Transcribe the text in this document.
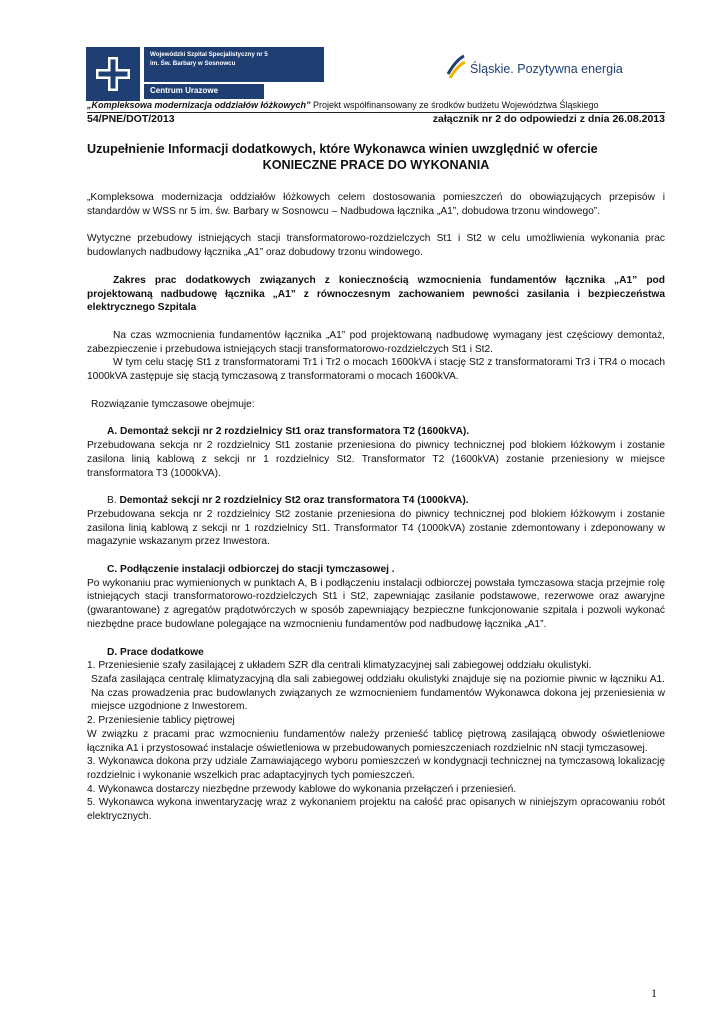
Wojewódzki Szpital Specjalistyczny nr 5
im. Św. Barbary w Sosnowcu
Centrum Urazowe
Śląskie. Pozytywna energia
„Kompleksowa modernizacja oddziałów łóżkowych” Projekt współfinansowany ze środków budżetu Województwa Śląskiego
54/PNE/DOT/2013	załącznik nr 2 do odpowiedzi z dnia 26.08.2013

Uzupełnienie Informacji dodatkowych, które Wykonawca winien uwzględnić w ofercie

KONIECZNE PRACE DO WYKONANIA

„Kompleksowa modernizacja oddziałów łóżkowych celem dostosowania pomieszczeń do obowiązujących przepisów i standardów w WSS nr 5 im. św. Barbary w Sosnowcu – Nadbudowa łącznika „A1”, dobudowa trzonu windowego”.

Wytyczne przebudowy istniejących stacji transformatorowo-rozdzielczych St1 i St2 w celu umożliwienia wykonania prac budowlanych nadbudowy łącznika „A1” oraz dobudowy trzonu windowego.

Zakres prac dodatkowych związanych z koniecznością wzmocnienia fundamentów łącznika „A1” pod projektowaną nadbudowę łącznika „A1” z równoczesnym zachowaniem pewności zasilania i bezpieczeństwa elektrycznego Szpitala

Na czas wzmocnienia fundamentów łącznika „A1” pod projektowaną nadbudowę wymagany jest częściowy demontaż, zabezpieczenie i przebudowa istniejących stacji transformatorowo-rozdzielczych St1 i St2.

W tym celu stację St1 z transformatorami Tr1 i Tr2 o mocach 1600kVA i stację St2 z transformatorami Tr3 i TR4 o mocach 1000kVA zastępuje się stacją tymczasową z transformatorami o mocach 1600kVA.

Rozwiązanie tymczasowe obejmuje:

A. Demontaż sekcji nr 2 rozdzielnicy St1 oraz transformatora T2 (1600kVA).

Przebudowana sekcja nr 2 rozdzielnicy St1 zostanie przeniesiona do piwnicy technicznej pod blokiem łóżkowym i zostanie zasilona linią kablową z sekcji nr 1 rozdzielnicy St2. Transformator T2 (1600kVA) zostanie przeniesiony w miejsce transformatora T3 (1000kVA).

B. Demontaż sekcji nr 2 rozdzielnicy St2 oraz transformatora T4 (1000kVA).

Przebudowana sekcja nr 2 rozdzielnicy St2 zostanie przeniesiona do piwnicy technicznej pod blokiem łóżkowym i zostanie zasilona linią kablową z sekcji nr 1 rozdzielnicy St1. Transformator T4 (1000kVA) zostanie zdemontowany i zdeponowany w magazynie wskazanym przez Inwestora.

C. Podłączenie instalacji odbiorczej do stacji tymczasowej .

Po wykonaniu prac wymienionych w punktach A, B i podłączeniu instalacji odbiorczej powstała tymczasowa stacja przejmie rolę istniejących stacji transformatorowo-rozdzielczych St1 i St2, zapewniając zasilanie podstawowe, rezerwowe oraz awaryjne (gwarantowane) z agregatów prądotwórczych w sposób zapewniający bezpieczne funkcjonowanie szpitala i pozwoli wykonać niezbędne prace budowlane polegające na wzmocnieniu fundamentów pod nadbudowę łącznika „A1”.

D. Prace dodatkowe

1. Przeniesienie szafy zasilającej z układem SZR dla centrali klimatyzacyjnej sali zabiegowej oddziału okulistyki.

Szafa zasilająca centralę klimatyzacyjną dla sali zabiegowej oddziału okulistyki znajduje się na poziomie piwnic w łączniku A1. Na czas prowadzenia prac budowlanych związanych ze wzmocnieniem fundamentów Wykonawca dokona jej przeniesienia w miejsce uzgodnione z Inwestorem.

2. Przeniesienie tablicy piętrowej

W związku z pracami prac wzmocnieniu fundamentów należy przenieść tablicę piętrową zasilającą obwody oświetleniowe łącznika A1 i przystosować instalacje oświetleniowa w przebudowanych pomieszczeniach rozdzielnic nN stacji tymczasowej.

3. Wykonawca dokona przy udziale Zamawiającego wyboru pomieszczeń w kondygnacji technicznej na tymczasową lokalizację rozdzielnic i wykonanie wszelkich prac adaptacyjnych tych pomieszczeń.

4. Wykonawca dostarczy niezbędne przewody kablowe do wykonania przełączeń i przeniesień.

5. Wykonawca wykona inwentaryzację wraz z wykonaniem projektu na całość prac opisanych w niniejszym opracowaniu robót elektrycznych.

1
